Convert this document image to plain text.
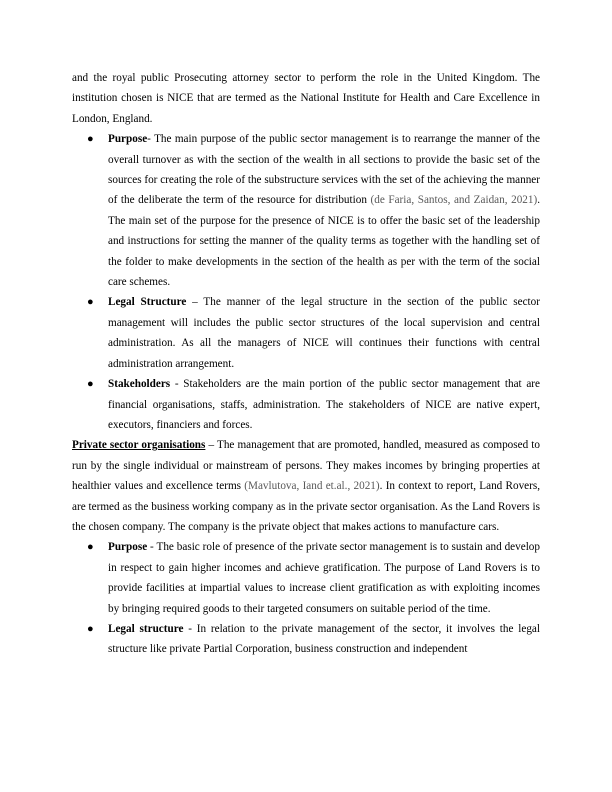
and the royal public Prosecuting attorney sector to perform the role in the United Kingdom. The institution chosen is NICE that are termed as the National Institute for Health and Care Excellence in London, England.

● Purpose- The main purpose of the public sector management is to rearrange the manner of the overall turnover as with the section of the wealth in all sections to provide the basic set of the sources for creating the role of the substructure services with the set of the achieving the manner of the deliberate the term of the resource for distribution (de Faria, Santos, and Zaidan, 2021). The main set of the purpose for the presence of NICE is to offer the basic set of the leadership and instructions for setting the manner of the quality terms as together with the handling set of the folder to make developments in the section of the health as per with the term of the social care schemes.
● Legal Structure – The manner of the legal structure in the section of the public sector management will includes the public sector structures of the local supervision and central administration. As all the managers of NICE will continues their functions with central administration arrangement.
● Stakeholders - Stakeholders are the main portion of the public sector management that are financial organisations, staffs, administration. The stakeholders of NICE are native expert, executors, financiers and forces.

Private sector organisations – The management that are promoted, handled, measured as composed to run by the single individual or mainstream of persons. They makes incomes by bringing properties at healthier values and excellence terms (Mavlutova, Iand et.al., 2021). In context to report, Land Rovers, are termed as the business working company as in the private sector organisation. As the Land Rovers is the chosen company. The company is the private object that makes actions to manufacture cars.

● Purpose - The basic role of presence of the private sector management is to sustain and develop in respect to gain higher incomes and achieve gratification. The purpose of Land Rovers is to provide facilities at impartial values to increase client gratification as with exploiting incomes by bringing required goods to their targeted consumers on suitable period of the time.
● Legal structure - In relation to the private management of the sector, it involves the legal structure like private Partial Corporation, business construction and independent
